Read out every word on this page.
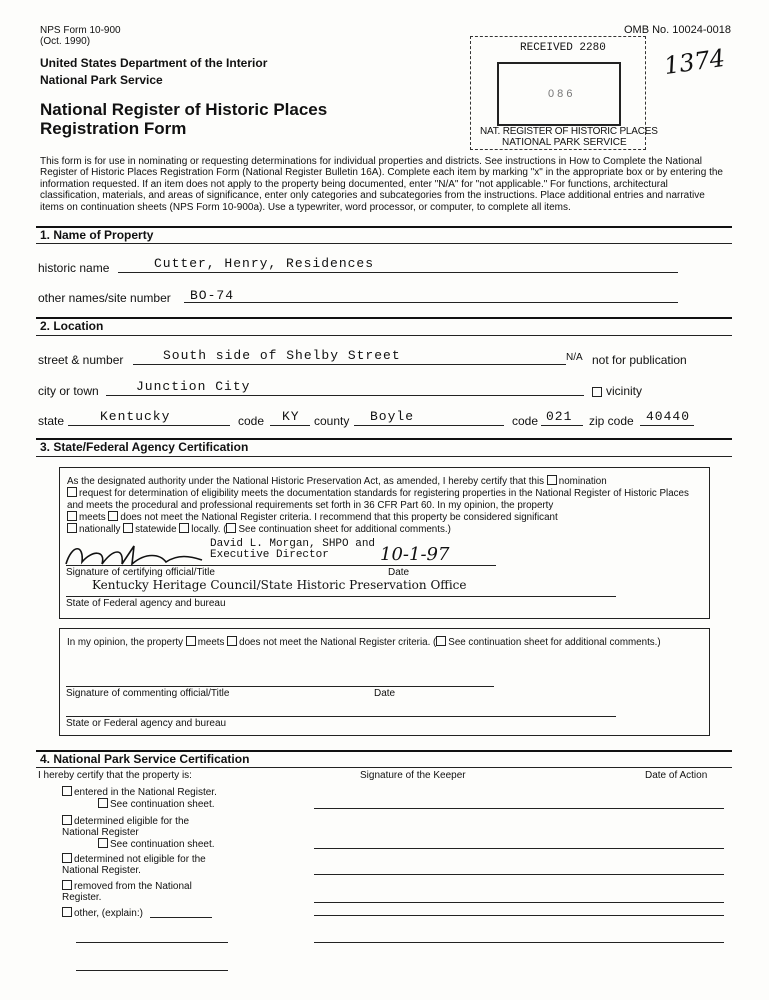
NPS Form 10-900
(Oct. 1990)
OMB No. 10024-0018
United States Department of the Interior
National Park Service
National Register of Historic Places
Registration Form
RECEIVED 2280
0 8 6
NAT. REGISTER OF HISTORIC PLACES
NATIONAL PARK SERVICE
1374
This form is for use in nominating or requesting determinations for individual properties and districts. See instructions in How to Complete the National Register of Historic Places Registration Form (National Register Bulletin 16A). Complete each item by marking "x" in the appropriate box or by entering the information requested. If an item does not apply to the property being documented, enter "N/A" for "not applicable." For functions, architectural classification, materials, and areas of significance, enter only categories and subcategories from the instructions. Place additional entries and narrative items on continuation sheets (NPS Form 10-900a). Use a typewriter, word processor, or computer, to complete all items.
1. Name of Property
historic name	Cutter, Henry, Residences
other names/site number BO-74
2. Location
street & number	South side of Shelby Street	N/A not for publication
city or town	Junction City	vicinity
state	Kentucky	code KY county Boyle	code 021 zip code 40440
3. State/Federal Agency Certification
As the designated authority under the National Historic Preservation Act, as amended, I hereby certify that this nomination
request for determination of eligibility meets the documentation standards for registering properties in the National Register of Historic Places and meets the procedural and professional requirements set forth in 36 CFR Part 60. In my opinion, the property
meets does not meet the National Register criteria. I recommend that this property be considered significant
nationally statewide locally. ( See continuation sheet for additional comments.)
David L. Morgan, SHPO and
Executive Director	10-1-97
Signature of certifying official/Title	Date
Kentucky Heritage Council/State Historic Preservation Office
State of Federal agency and bureau
In my opinion, the property meets does not meet the National Register criteria. ( See continuation sheet for additional comments.)
Signature of commenting official/Title	Date
State or Federal agency and bureau
4. National Park Service Certification
I hereby certify that the property is:	Signature of the Keeper	Date of Action
entered in the National Register.
See continuation sheet.
determined eligible for the National Register
See continuation sheet.
determined not eligible for the National Register.
removed from the National Register.
other, (explain:)
